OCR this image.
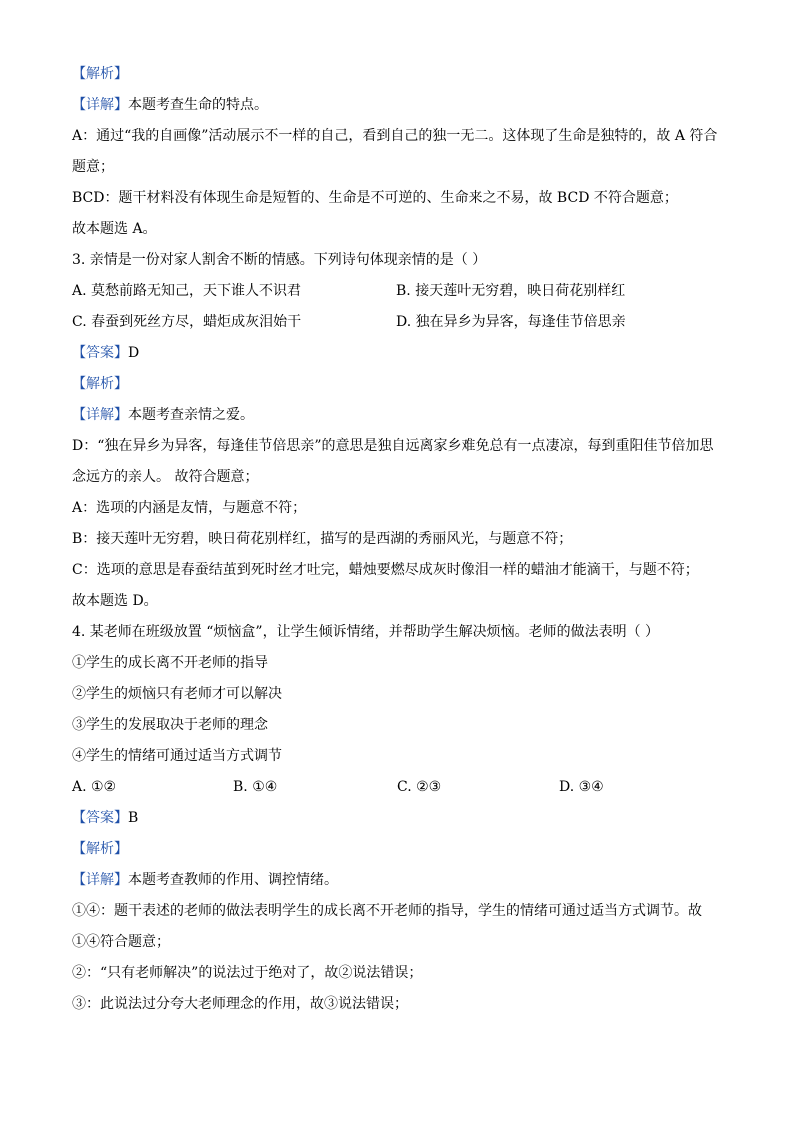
【解析】
【详解】本题考查生命的特点。
A：通过“我的自画像”活动展示不一样的自己，看到自己的独一无二。这体现了生命是独特的，故 A 符合
题意；
BCD：题干材料没有体现生命是短暂的、生命是不可逆的、生命来之不易，故 BCD 不符合题意；
故本题选 A。
3. 亲情是一份对家人割舍不断的情感。下列诗句体现亲情的是（ ）
A. 莫愁前路无知己，天下谁人不识君	B. 接天莲叶无穷碧，映日荷花别样红
C. 春蚕到死丝方尽，蜡炬成灰泪始干	D. 独在异乡为异客，每逢佳节倍思亲
【答案】D
【解析】
【详解】本题考查亲情之爱。
D：“独在异乡为异客，每逢佳节倍思亲”的意思是独自远离家乡难免总有一点凄凉，每到重阳佳节倍加思
念远方的亲人。 故符合题意；
A：选项的内涵是友情，与题意不符；
B：接天莲叶无穷碧，映日荷花别样红，描写的是西湖的秀丽风光，与题意不符；
C：选项的意思是春蚕结茧到死时丝才吐完，蜡烛要燃尽成灰时像泪一样的蜡油才能滴干，与题不符；
故本题选 D。
4. 某老师在班级放置 “烦恼盒”，让学生倾诉情绪，并帮助学生解决烦恼。老师的做法表明（ ）
①学生的成长离不开老师的指导
②学生的烦恼只有老师才可以解决
③学生的发展取决于老师的理念
④学生的情绪可通过适当方式调节
A. ①②	B. ①④	C. ②③	D. ③④
【答案】B
【解析】
【详解】本题考查教师的作用、调控情绪。
①④：题干表述的老师的做法表明学生的成长离不开老师的指导，学生的情绪可通过适当方式调节。故
①④符合题意；
②：“只有老师解决”的说法过于绝对了，故②说法错误；
③：此说法过分夸大老师理念的作用，故③说法错误；
